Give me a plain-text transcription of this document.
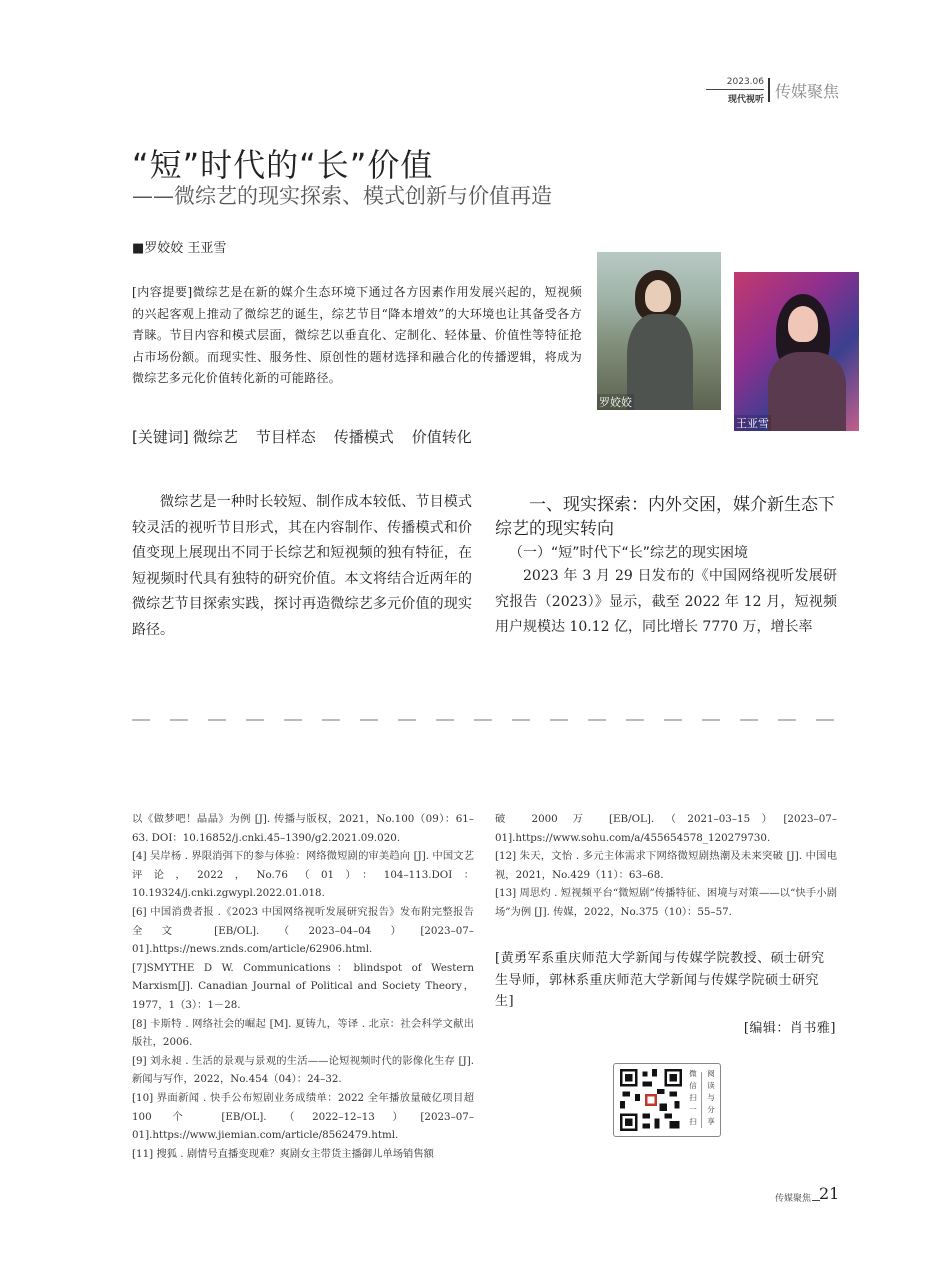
2023.06
现代视听 传媒聚焦
“短”时代的“长”价值
——微综艺的现实探索、模式创新与价值再造
■罗姣姣 王亚雪
[内容提要]微综艺是在新的媒介生态环境下通过各方因素作用发展兴起的，短视频的兴起客观上推动了微综艺的诞生，综艺节目“降本增效”的大环境也让其备受各方青睐。节目内容和模式层面，微综艺以垂直化、定制化、轻体量、价值性等特征抢占市场份额。而现实性、服务性、原创性的题材选择和融合化的传播逻辑，将成为微综艺多元化价值转化新的可能路径。
[关键词] 微综艺 节目样态 传播模式 价值转化
罗姣姣
王亚雪
微综艺是一种时长较短、制作成本较低、节目模式较灵活的视听节目形式，其在内容制作、传播模式和价值变现上展现出不同于长综艺和短视频的独有特征，在短视频时代具有独特的研究价值。本文将结合近两年的微综艺节目探索实践，探讨再造微综艺多元价值的现实路径。
一、现实探索：内外交困，媒介新生态下综艺的现实转向
（一）“短”时代下“长”综艺的现实困境
2023 年 3 月 29 日发布的《中国网络视听发展研究报告（2023）》显示，截至 2022 年 12 月，短视频用户规模达 10.12 亿，同比增长 7770 万，增长率

以《做梦吧！晶晶》为例 [J]. 传播与版权，2021，No.100（09）：61–63. DOI：10.16852/j.cnki.45–1390/g2.2021.09.020.

[4] 吴岸杨 . 界限消弭下的参与体验：网络微短剧的审美趋向 [J]. 中国文艺评论，2022，No.76（01）：104–113.DOI：10.19324/j.cnki.zgwypl.2022.01.018.

[6] 中国消费者报 .《2023 中国网络视听发展研究报告》发布附完整报告全文 [EB/OL].（2023–04–04）[2023–07–01].https://news.znds.com/article/62906.html.

[7]SMYTHE D W. Communications：blindspot of Western Marxism[J]. Canadian Journal of Political and Society Theory，1977，1（3）：1－28.

[8] 卡斯特 . 网络社会的崛起 [M]. 夏铸九，等译 . 北京：社会科学文献出版社，2006.

[9] 刘永昶 . 生活的景观与景观的生活——论短视频时代的影像化生存 [J]. 新闻与写作，2022，No.454（04）：24–32.

[10] 界面新闻 . 快手公布短剧业务成绩单：2022 全年播放量破亿项目超 100 个 [EB/OL].（2022–12–13）[2023–07–01].https://www.jiemian.com/article/8562479.html.

[11] 搜狐 . 剧情号直播变现难？爽剧女主带货主播御儿单场销售额

破 2000 万 [EB/OL].（2021–03–15）[2023–07–01].https://www.sohu.com/a/455654578_120279730.

[12] 朱天，文怡 . 多元主体需求下网络微短剧热潮及未来突破 [J]. 中国电视，2021，No.429（11）：63–68.

[13] 周思灼 . 短视频平台“微短剧”传播特征、困境与对策——以“快手小剧场”为例 [J]. 传媒，2022，No.375（10）：55–57.

[黄勇军系重庆师范大学新闻与传媒学院教授、硕士研究生导师，郭林系重庆师范大学新闻与传媒学院硕士研究生]
[编辑：肖书雅]
微
信
扫
一
扫
阅
读
与
分
享
传媒聚焦 21
